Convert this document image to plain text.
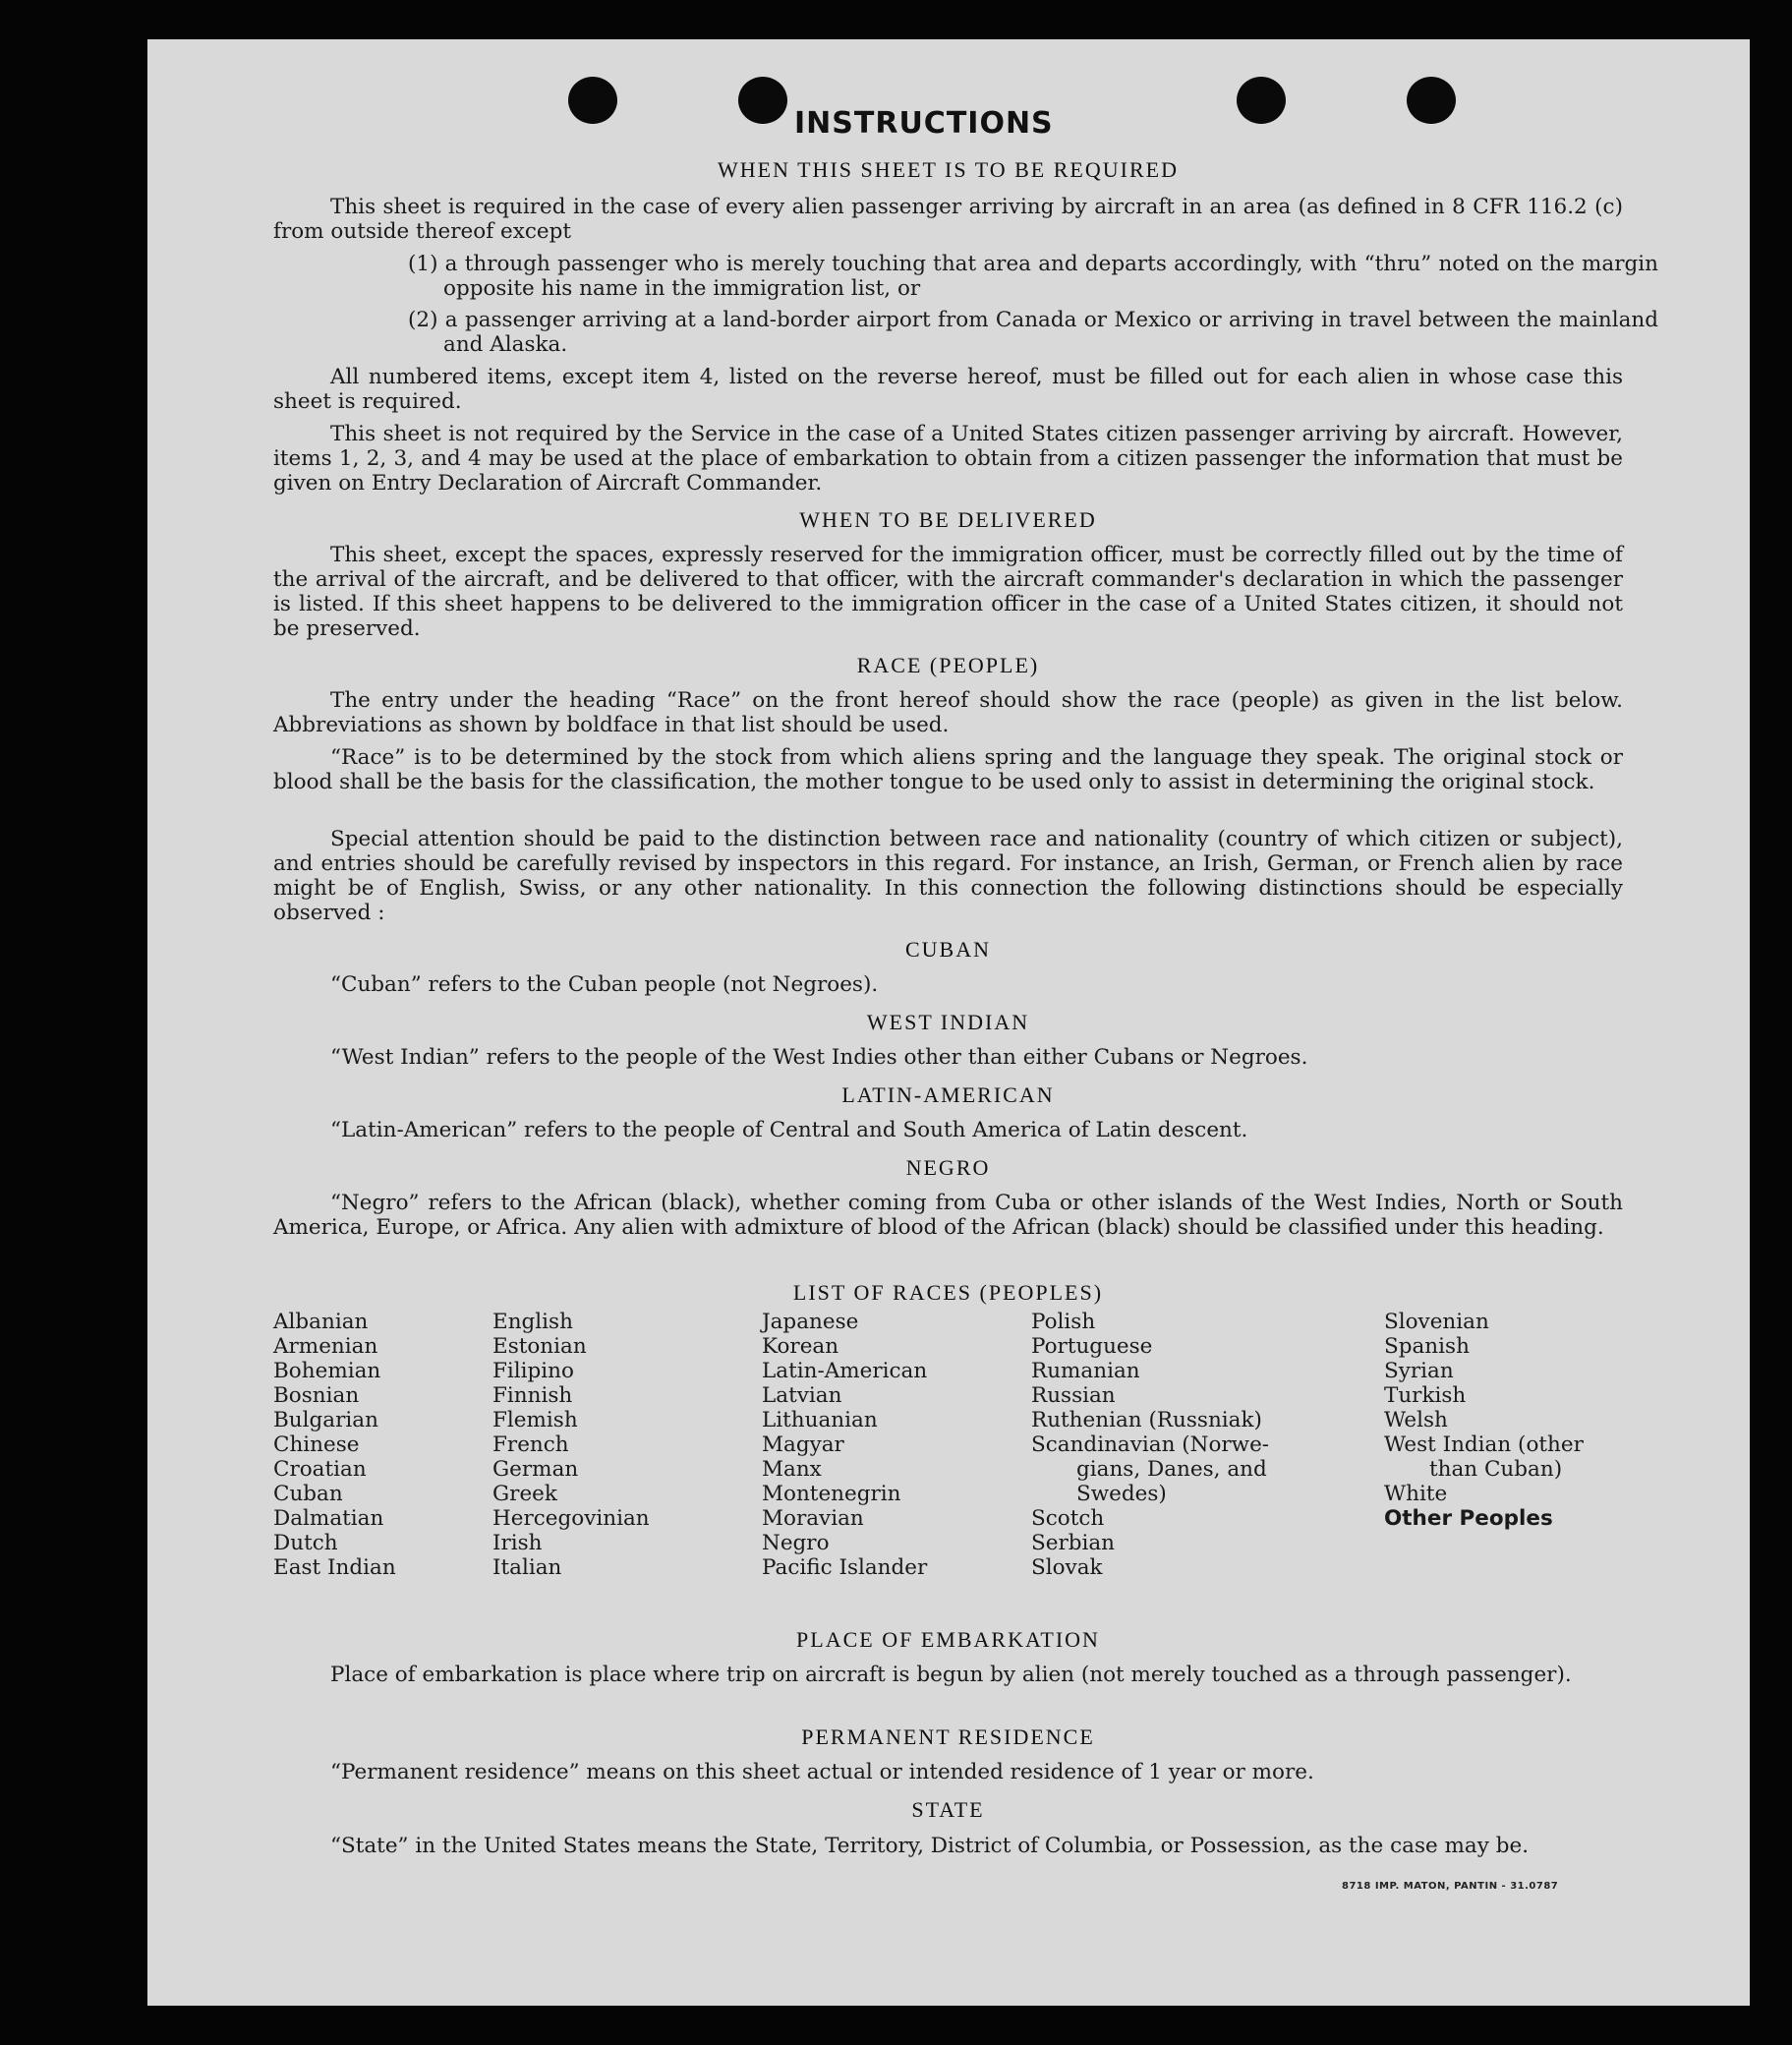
INSTRUCTIONS
WHEN THIS SHEET IS TO BE REQUIRED
This sheet is required in the case of every alien passenger arriving by aircraft in an area (as defined in 8 CFR 116.2 (c) from outside thereof except
(1) a through passenger who is merely touching that area and departs accordingly, with “thru” noted on the margin opposite his name in the immigration list, or
(2) a passenger arriving at a land-border airport from Canada or Mexico or arriving in travel between the mainland and Alaska.
All numbered items, except item 4, listed on the reverse hereof, must be filled out for each alien in whose case this sheet is required.
This sheet is not required by the Service in the case of a United States citizen passenger arriving by aircraft. However, items 1, 2, 3, and 4 may be used at the place of embarkation to obtain from a citizen passenger the information that must be given on Entry Declaration of Aircraft Commander.
WHEN TO BE DELIVERED
This sheet, except the spaces, expressly reserved for the immigration officer, must be correctly filled out by the time of the arrival of the aircraft, and be delivered to that officer, with the aircraft commander's declaration in which the passenger is listed. If this sheet happens to be delivered to the immigration officer in the case of a United States citizen, it should not be preserved.
RACE (PEOPLE)
The entry under the heading “Race” on the front hereof should show the race (people) as given in the list below. Abbreviations as shown by boldface in that list should be used.
“Race” is to be determined by the stock from which aliens spring and the language they speak. The original stock or blood shall be the basis for the classification, the mother tongue to be used only to assist in determining the original stock.
Special attention should be paid to the distinction between race and nationality (country of which citizen or subject), and entries should be carefully revised by inspectors in this regard. For instance, an Irish, German, or French alien by race might be of English, Swiss, or any other nationality. In this connection the following distinctions should be especially observed :
CUBAN
“Cuban” refers to the Cuban people (not Negroes).
WEST INDIAN
“West Indian” refers to the people of the West Indies other than either Cubans or Negroes.
LATIN-AMERICAN
“Latin-American” refers to the people of Central and South America of Latin descent.
NEGRO
“Negro” refers to the African (black), whether coming from Cuba or other islands of the West Indies, North or South America, Europe, or Africa. Any alien with admixture of blood of the African (black) should be classified under this heading.
LIST OF RACES (PEOPLES)
Albanian
Armenian
Bohemian
Bosnian
Bulgarian
Chinese
Croatian
Cuban
Dalmatian
Dutch
East Indian
English
Estonian
Filipino
Finnish
Flemish
French
German
Greek
Hercegovinian
Irish
Italian
Japanese
Korean
Latin-American
Latvian
Lithuanian
Magyar
Manx
Montenegrin
Moravian
Negro
Pacific Islander
Polish
Portuguese
Rumanian
Russian
Ruthenian (Russniak)
Scandinavian (Norwe-
gians, Danes, and
Swedes)
Scotch
Serbian
Slovak
Slovenian
Spanish
Syrian
Turkish
Welsh
West Indian (other
than Cuban)
White
Other Peoples
PLACE OF EMBARKATION
Place of embarkation is place where trip on aircraft is begun by alien (not merely touched as a through passenger).
PERMANENT RESIDENCE
“Permanent residence” means on this sheet actual or intended residence of 1 year or more.
STATE
“State” in the United States means the State, Territory, District of Columbia, or Possession, as the case may be.
8718 IMP. MATON, PANTIN - 31.0787
